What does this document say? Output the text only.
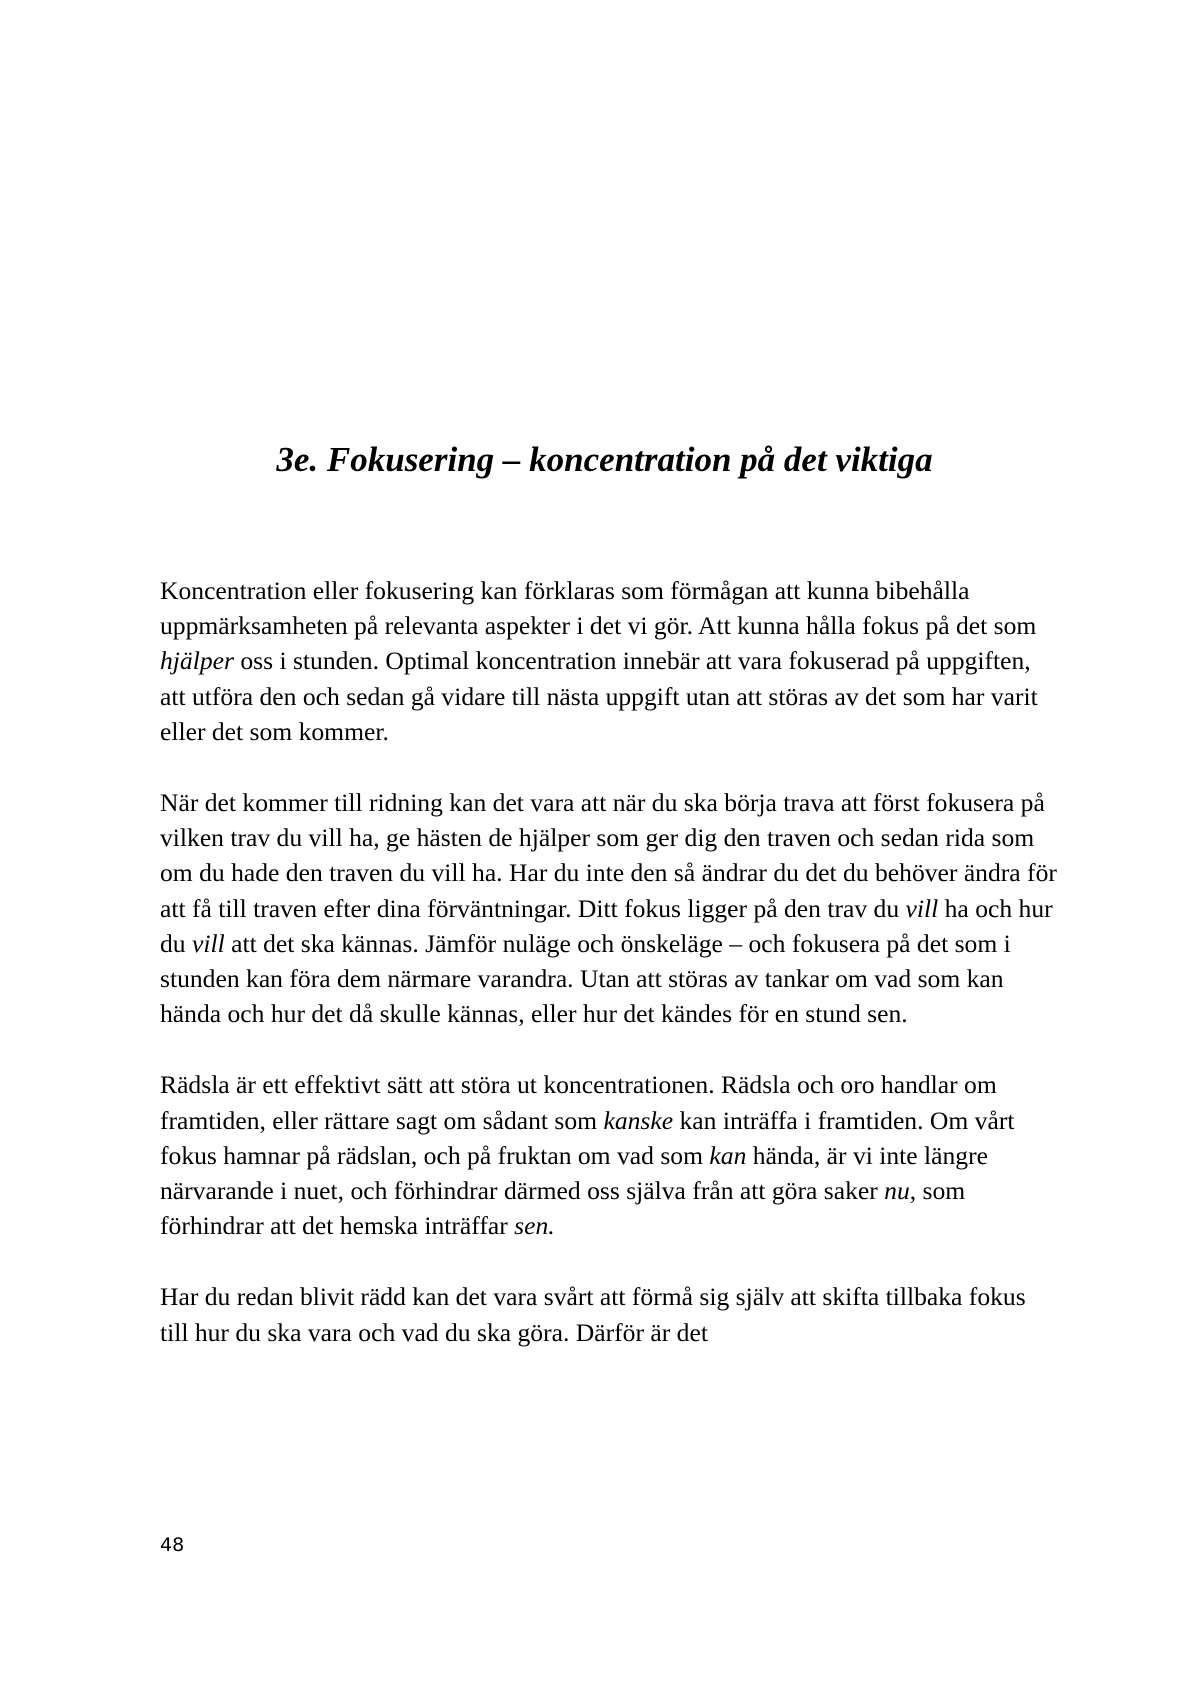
3e. Fokusering – koncentration på det viktiga

Koncentration eller fokusering kan förklaras som förmågan att kunna bibehålla uppmärksamheten på relevanta aspekter i det vi gör. Att kunna hålla fokus på det som hjälper oss i stunden. Optimal koncentration innebär att vara fokuserad på uppgiften, att utföra den och sedan gå vidare till nästa uppgift utan att störas av det som har varit eller det som kommer.

När det kommer till ridning kan det vara att när du ska börja trava att först fokusera på vilken trav du vill ha, ge hästen de hjälper som ger dig den traven och sedan rida som om du hade den traven du vill ha. Har du inte den så ändrar du det du behöver ändra för att få till traven efter dina förväntningar. Ditt fokus ligger på den trav du vill ha och hur du vill att det ska kännas. Jämför nuläge och önskeläge – och fokusera på det som i stunden kan föra dem närmare varandra. Utan att störas av tankar om vad som kan hända och hur det då skulle kännas, eller hur det kändes för en stund sen.

Rädsla är ett effektivt sätt att störa ut koncentrationen. Rädsla och oro handlar om framtiden, eller rättare sagt om sådant som kanske kan inträffa i framtiden. Om vårt fokus hamnar på rädslan, och på fruktan om vad som kan hända, är vi inte längre närvarande i nuet, och förhindrar därmed oss själva från att göra saker nu, som förhindrar att det hemska inträffar sen.

Har du redan blivit rädd kan det vara svårt att förmå sig själv att skifta tillbaka fokus till hur du ska vara och vad du ska göra. Därför är det

48
